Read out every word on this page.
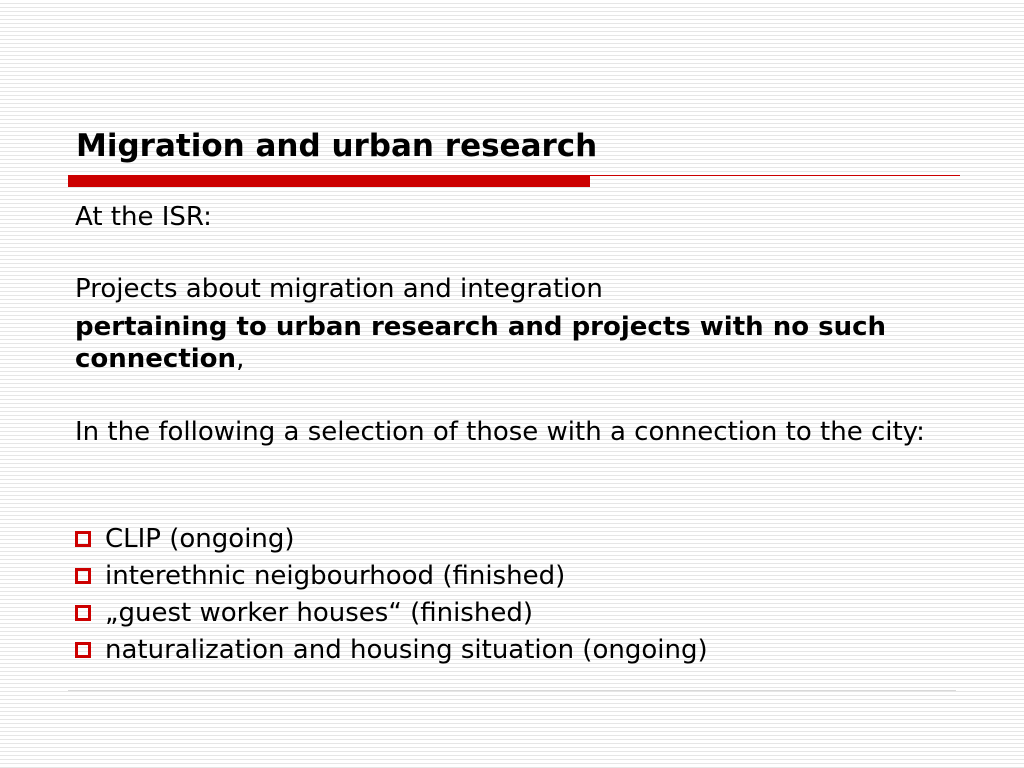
Migration and urban research

At the ISR:

Projects about migration and integration

pertaining to urban research and projects with no such connection,

In the following a selection of those with a connection to the city:

CLIP (ongoing)
interethnic neigbourhood (finished)
„guest worker houses“ (finished)
naturalization and housing situation (ongoing)
